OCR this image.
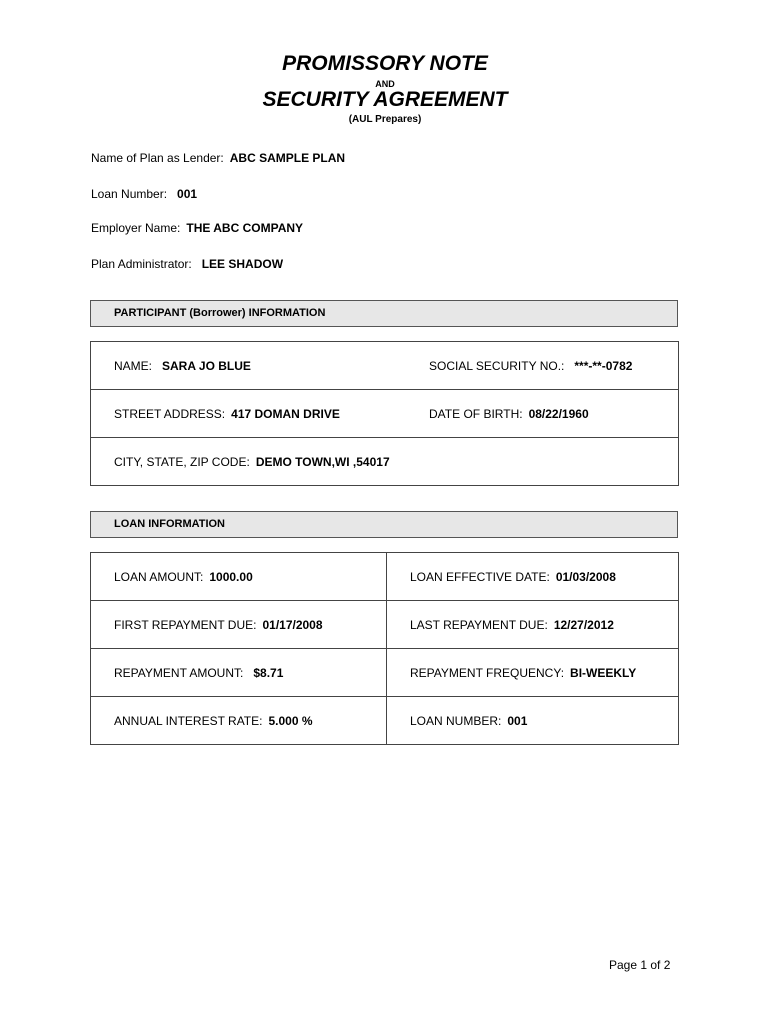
PROMISSORY NOTE
AND
SECURITY AGREEMENT
(AUL Prepares)
Name of Plan as Lender: ABC SAMPLE PLAN
Loan Number: 001
Employer Name: THE ABC COMPANY
Plan Administrator: LEE SHADOW
PARTICIPANT (Borrower) INFORMATION
NAME: SARA JO BLUE	SOCIAL SECURITY NO.: ***-**-0782
STREET ADDRESS: 417 DOMAN DRIVE	DATE OF BIRTH: 08/22/1960
CITY, STATE, ZIP CODE: DEMO TOWN,WI ,54017	
LOAN INFORMATION
LOAN AMOUNT: 1000.00	LOAN EFFECTIVE DATE: 01/03/2008
FIRST REPAYMENT DUE: 01/17/2008	LAST REPAYMENT DUE: 12/27/2012
REPAYMENT AMOUNT: $8.71	REPAYMENT FREQUENCY: BI-WEEKLY
ANNUAL INTEREST RATE: 5.000 %	LOAN NUMBER: 001
Page 1 of 2
